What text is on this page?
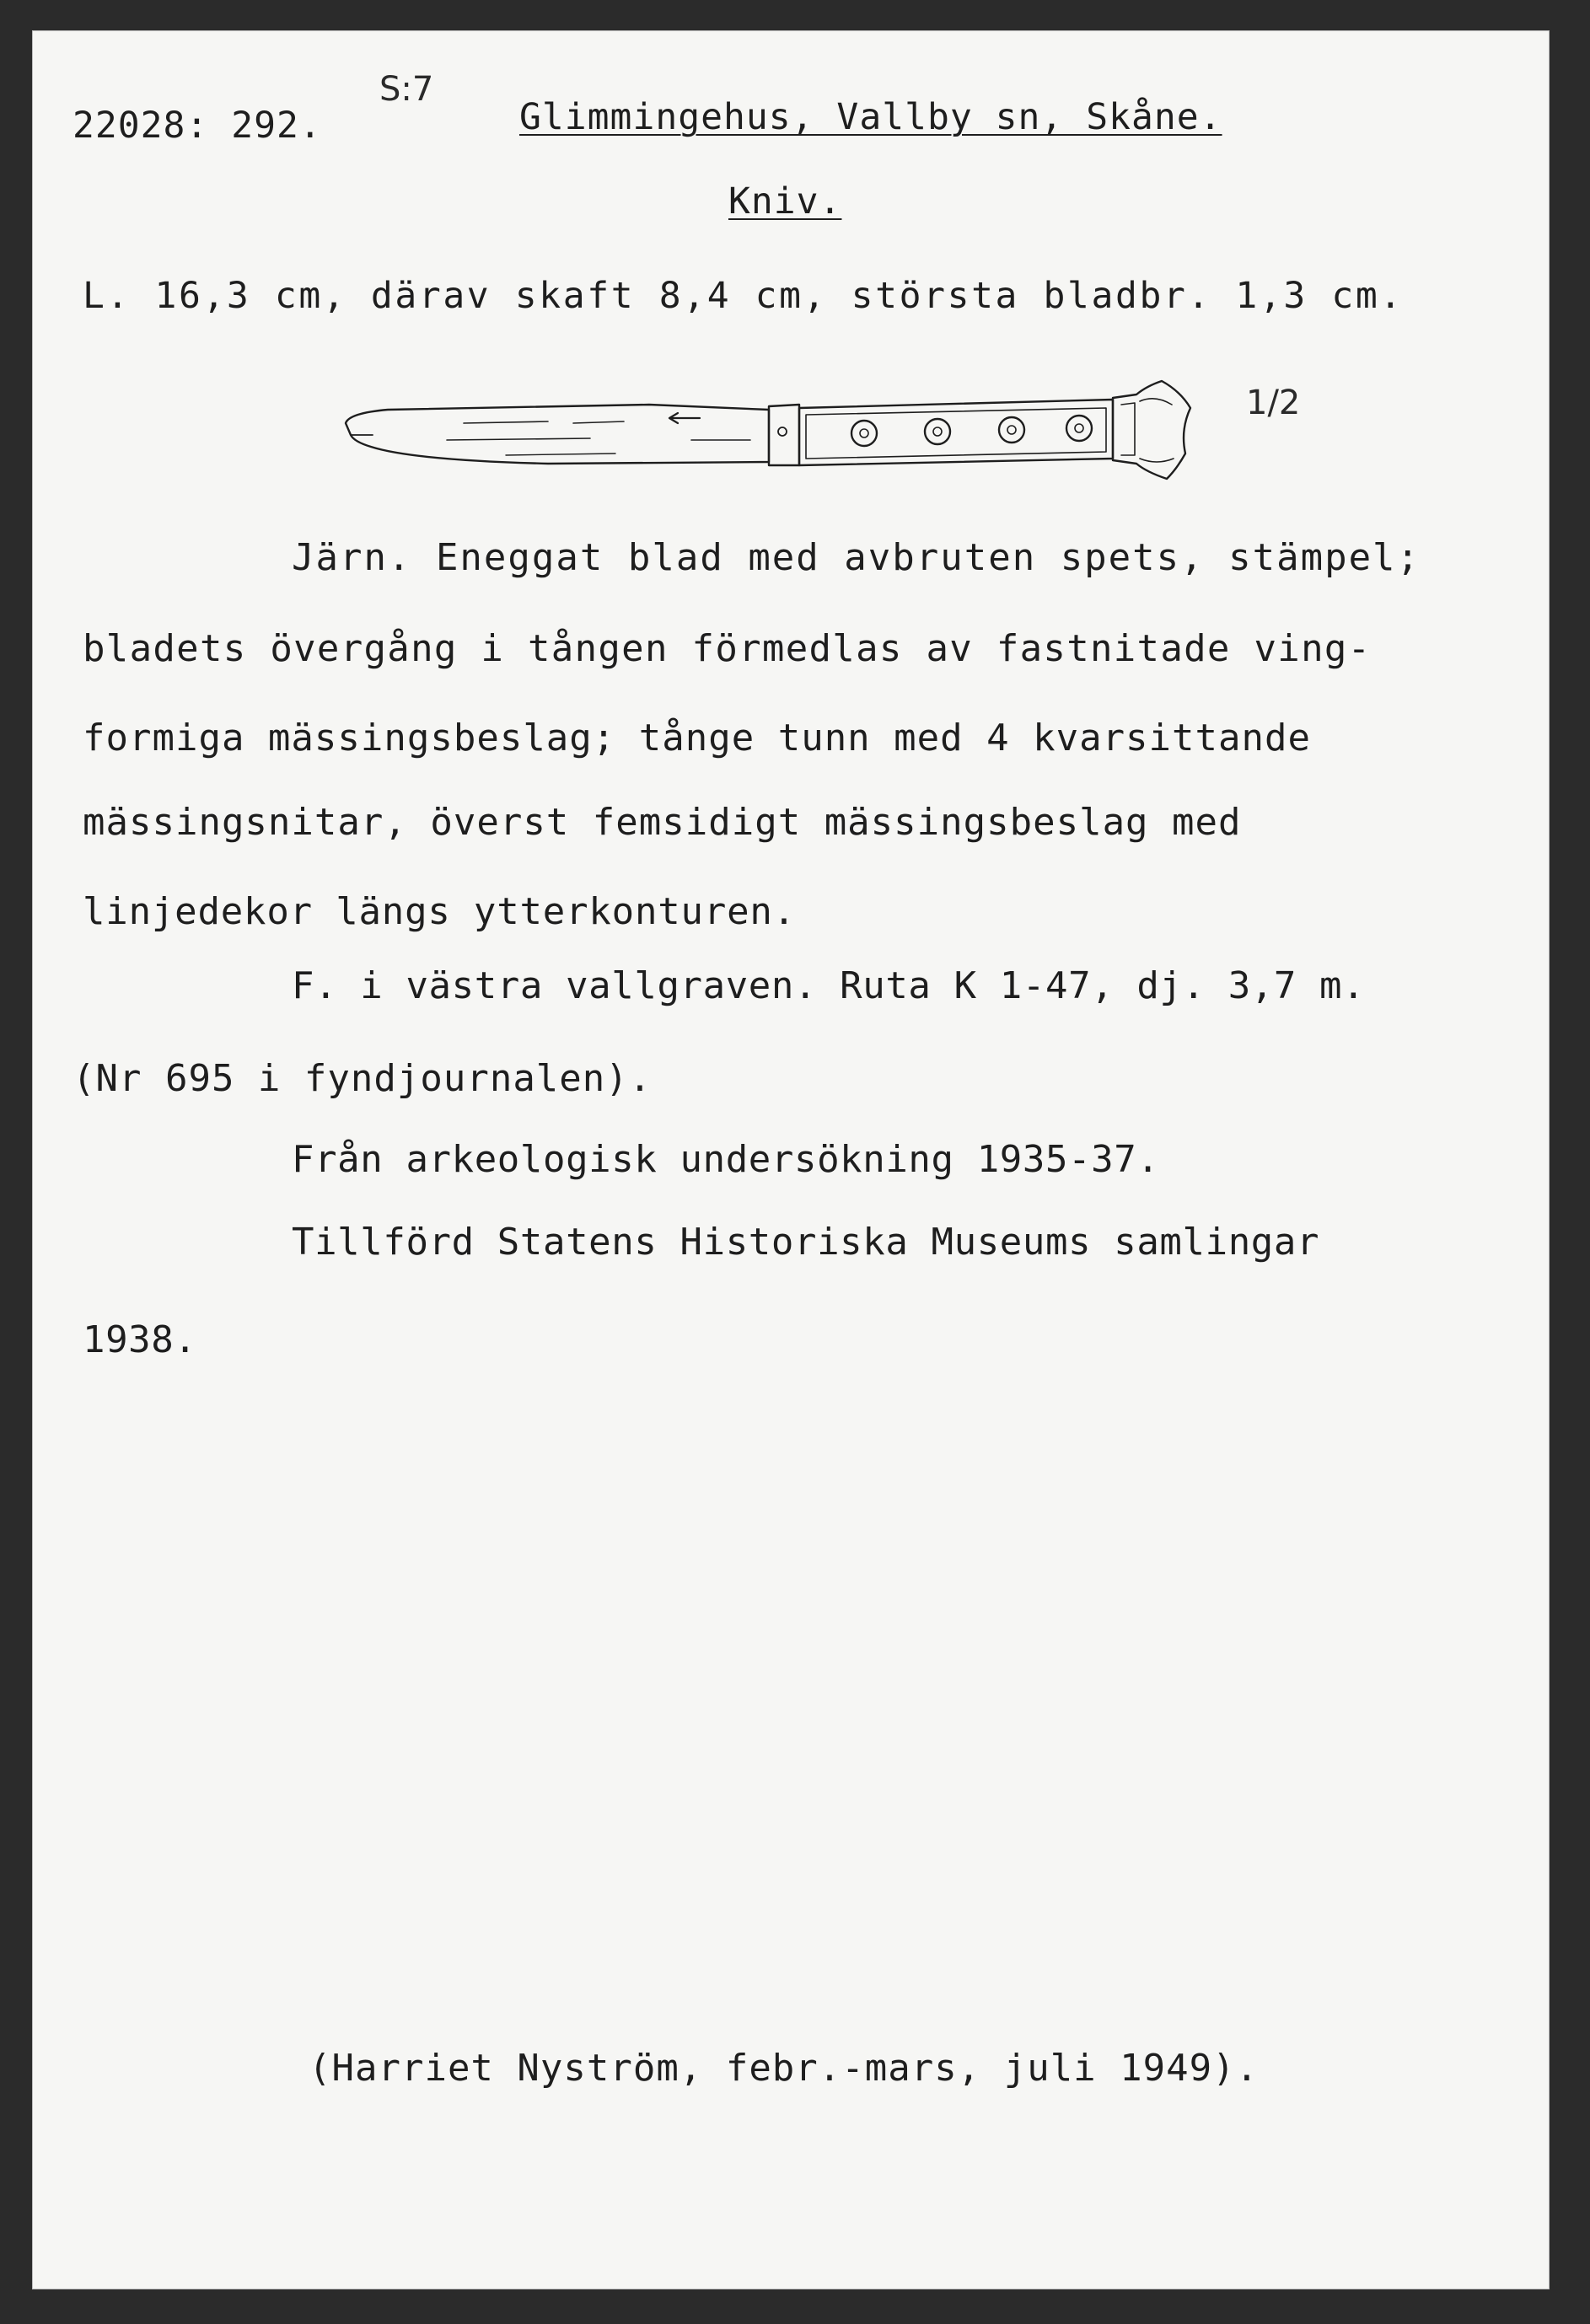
S:7
22028: 292.	Glimmingehus, Vallby sn, Skåne.
Kniv.
L. 16,3 cm, därav skaft 8,4 cm, största bladbr. 1,3 cm.
1/2
Järn. Eneggat blad med avbruten spets, stämpel;
bladets övergång i tången förmedlas av fastnitade ving-
formiga mässingsbeslag; tånge tunn med 4 kvarsittande
mässingsnitar, överst femsidigt mässingsbeslag med
linjedekor längs ytterkonturen.
F. i västra vallgraven. Ruta K 1-47, dj. 3,7 m.
(Nr 695 i fyndjournalen).
Från arkeologisk undersökning 1935-37.
Tillförd Statens Historiska Museums samlingar
1938.
(Harriet Nyström, febr.-mars, juli 1949).
